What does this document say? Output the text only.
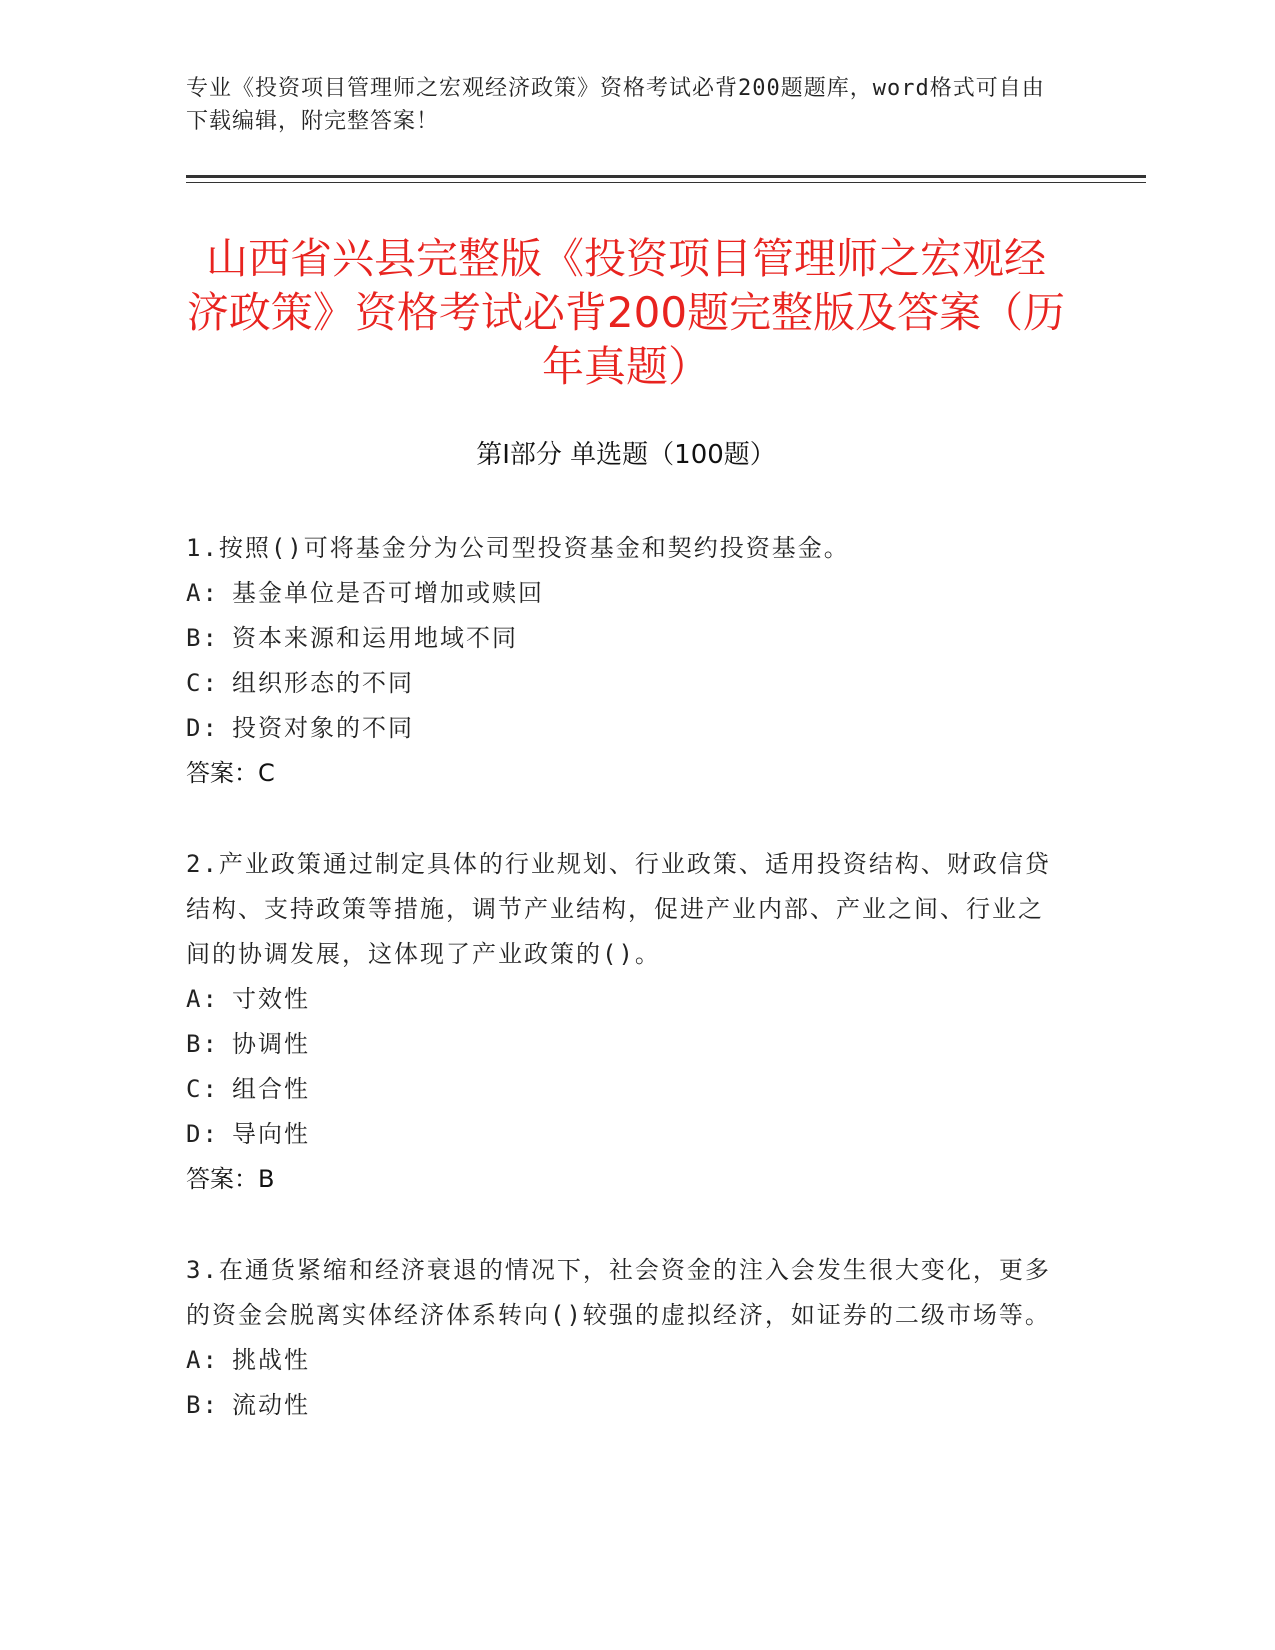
专业《投资项目管理师之宏观经济政策》资格考试必背200题题库，word格式可自由下载编辑，附完整答案！
山西省兴县完整版《投资项目管理师之宏观经济政策》资格考试必背200题完整版及答案（历年真题）
第Ⅰ部分 单选题（100题）
1.按照()可将基金分为公司型投资基金和契约投资基金。
A: 基金单位是否可增加或赎回
B: 资本来源和运用地域不同
C: 组织形态的不同
D: 投资对象的不同
答案：C
2.产业政策通过制定具体的行业规划、行业政策、适用投资结构、财政信贷结构、支持政策等措施，调节产业结构，促进产业内部、产业之间、行业之间的协调发展，这体现了产业政策的()。
A: 寸效性
B: 协调性
C: 组合性
D: 导向性
答案：B
3.在通货紧缩和经济衰退的情况下，社会资金的注入会发生很大变化，更多的资金会脱离实体经济体系转向()较强的虚拟经济，如证券的二级市场等。
A: 挑战性
B: 流动性
